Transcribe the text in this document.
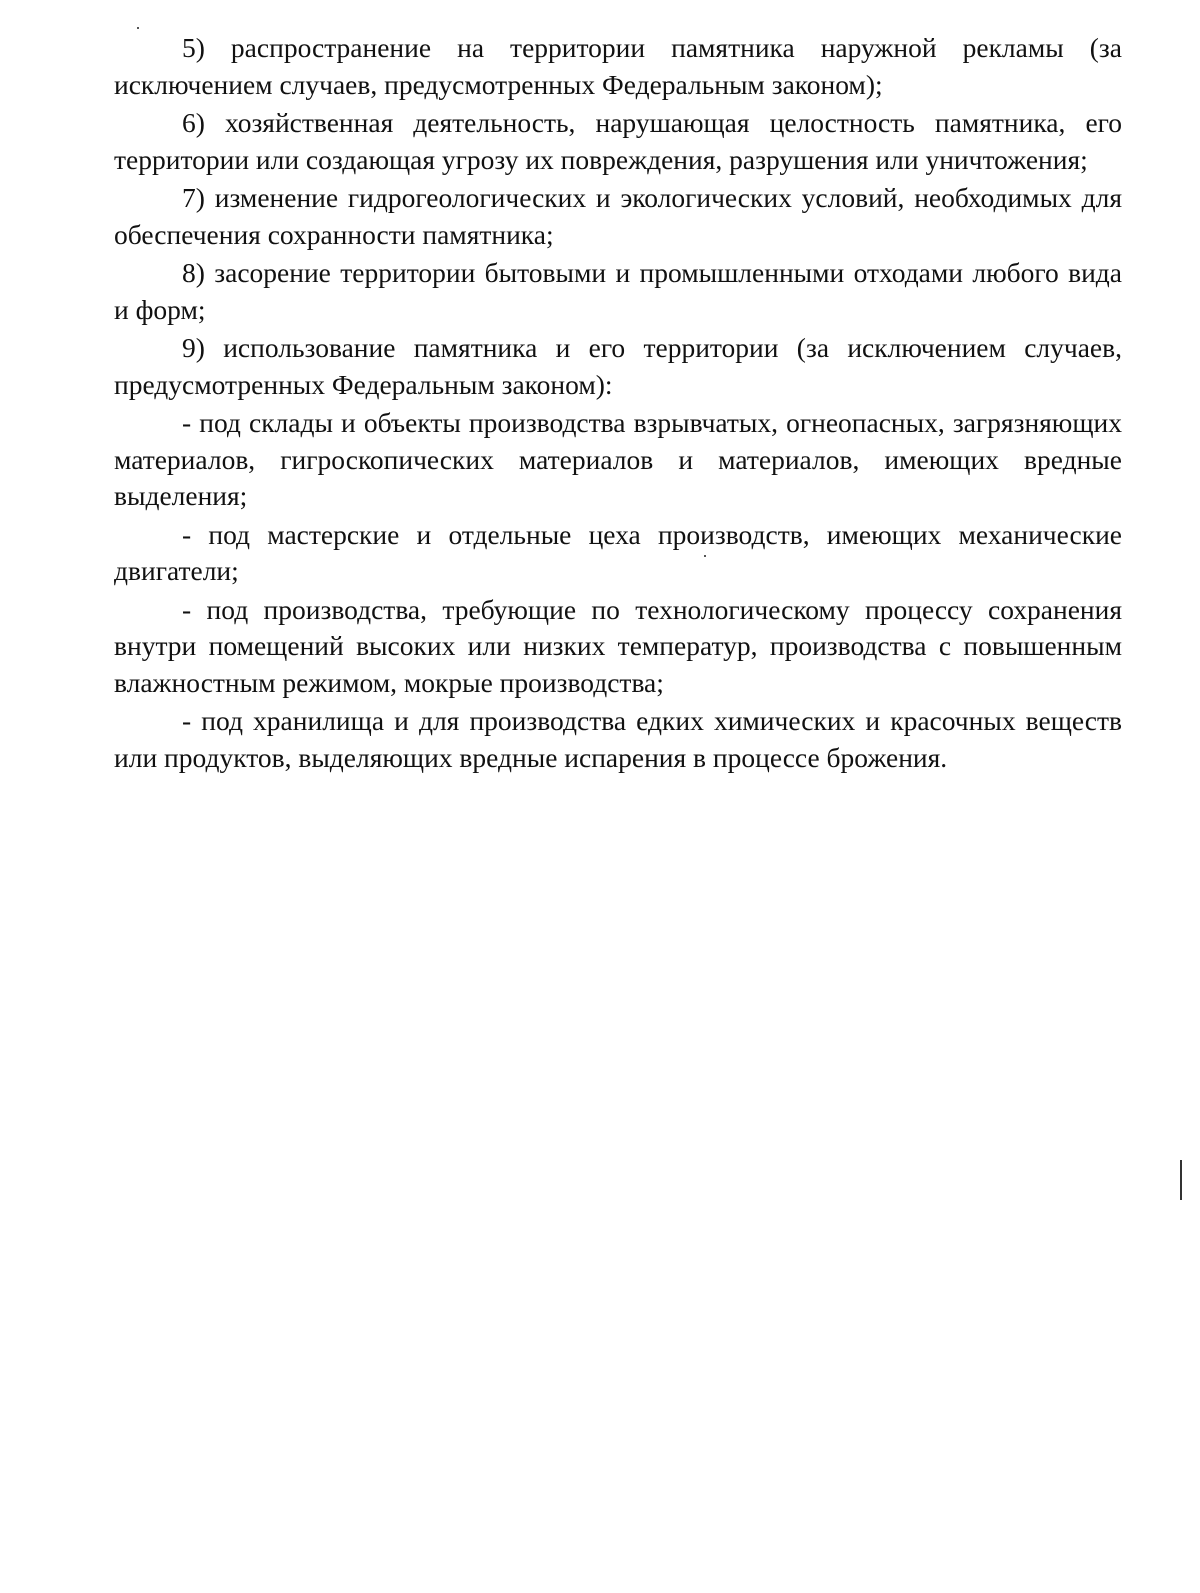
5) распространение на территории памятника наружной рекламы (за исключением случаев, предусмотренных Федеральным законом);

6) хозяйственная деятельность, нарушающая целостность памятника, его территории или создающая угрозу их повреждения, разрушения или уничтожения;

7) изменение гидрогеологических и экологических условий, необходимых для обеспечения сохранности памятника;

8) засорение территории бытовыми и промышленными отходами любого вида и форм;

9) использование памятника и его территории (за исключением случаев, предусмотренных Федеральным законом):

- под склады и объекты производства взрывчатых, огнеопасных, загрязняющих материалов, гигроскопических материалов и материалов, имеющих вредные выделения;

- под мастерские и отдельные цеха производств, имеющих механические двигатели;

- под производства, требующие по технологическому процессу сохранения внутри помещений высоких или низких температур, производства с повышенным влажностным режимом, мокрые производства;

- под хранилища и для производства едких химических и красочных веществ или продуктов, выделяющих вредные испарения в процессе брожения.
